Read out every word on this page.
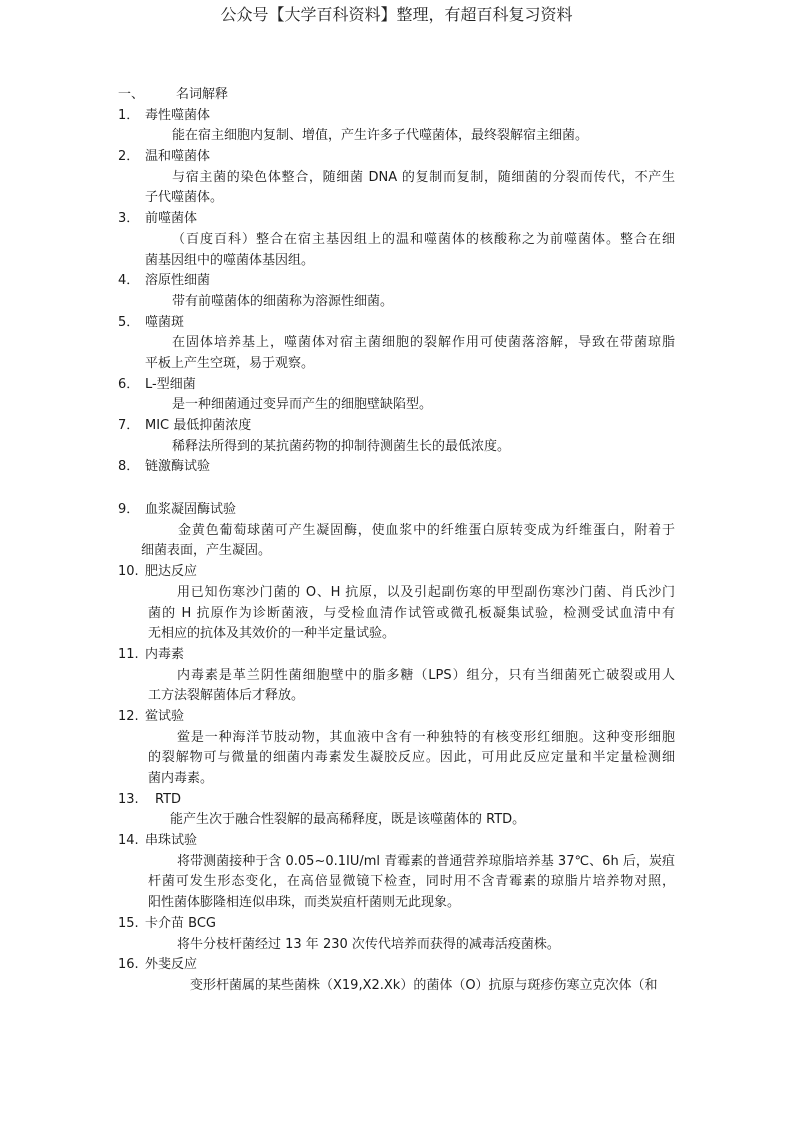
公众号【大学百科资料】整理，有超百科复习资料
一、 名词解释
1． 毒性噬菌体
能在宿主细胞内复制、增值，产生许多子代噬菌体，最终裂解宿主细菌。
2． 温和噬菌体
与宿主菌的染色体整合，随细菌 DNA 的复制而复制，随细菌的分裂而传代，不产生
子代噬菌体。
3． 前噬菌体
（百度百科）整合在宿主基因组上的温和噬菌体的核酸称之为前噬菌体。整合在细
菌基因组中的噬菌体基因组。
4． 溶原性细菌
带有前噬菌体的细菌称为溶源性细菌。
5． 噬菌斑
在固体培养基上，噬菌体对宿主菌细胞的裂解作用可使菌落溶解，导致在带菌琼脂
平板上产生空斑，易于观察。
6． L-型细菌
是一种细菌通过变异而产生的细胞壁缺陷型。
7． MIC 最低抑菌浓度
稀释法所得到的某抗菌药物的抑制待测菌生长的最低浓度。
8． 链激酶试验
9． 血浆凝固酶试验
金黄色葡萄球菌可产生凝固酶，使血浆中的纤维蛋白原转变成为纤维蛋白，附着于
细菌表面，产生凝固。
10. 肥达反应
用已知伤寒沙门菌的 O、H 抗原，以及引起副伤寒的甲型副伤寒沙门菌、肖氏沙门
菌的 H 抗原作为诊断菌液，与受检血清作试管或微孔板凝集试验，检测受试血清中有
无相应的抗体及其效价的一种半定量试验。
11. 内毒素
内毒素是革兰阴性菌细胞壁中的脂多糖（LPS）组分，只有当细菌死亡破裂或用人
工方法裂解菌体后才释放。
12. 鲎试验
鲎是一种海洋节肢动物，其血液中含有一种独特的有核变形红细胞。这种变形细胞
的裂解物可与微量的细菌内毒素发生凝胶反应。因此，可用此反应定量和半定量检测细
菌内毒素。
13. RTD
能产生次于融合性裂解的最高稀释度，既是该噬菌体的 RTD。
14. 串珠试验
将带测菌接种于含 0.05~0.1IU/ml 青霉素的普通营养琼脂培养基 37℃、6h 后，炭疽
杆菌可发生形态变化，在高倍显微镜下检查，同时用不含青霉素的琼脂片培养物对照，
阳性菌体膨隆相连似串珠，而类炭疽杆菌则无此现象。
15. 卡介苗 BCG
将牛分枝杆菌经过 13 年 230 次传代培养而获得的减毒活疫菌株。
16. 外斐反应
变形杆菌属的某些菌株（X19,X2.Xk）的菌体（O）抗原与斑疹伤寒立克次体（和
